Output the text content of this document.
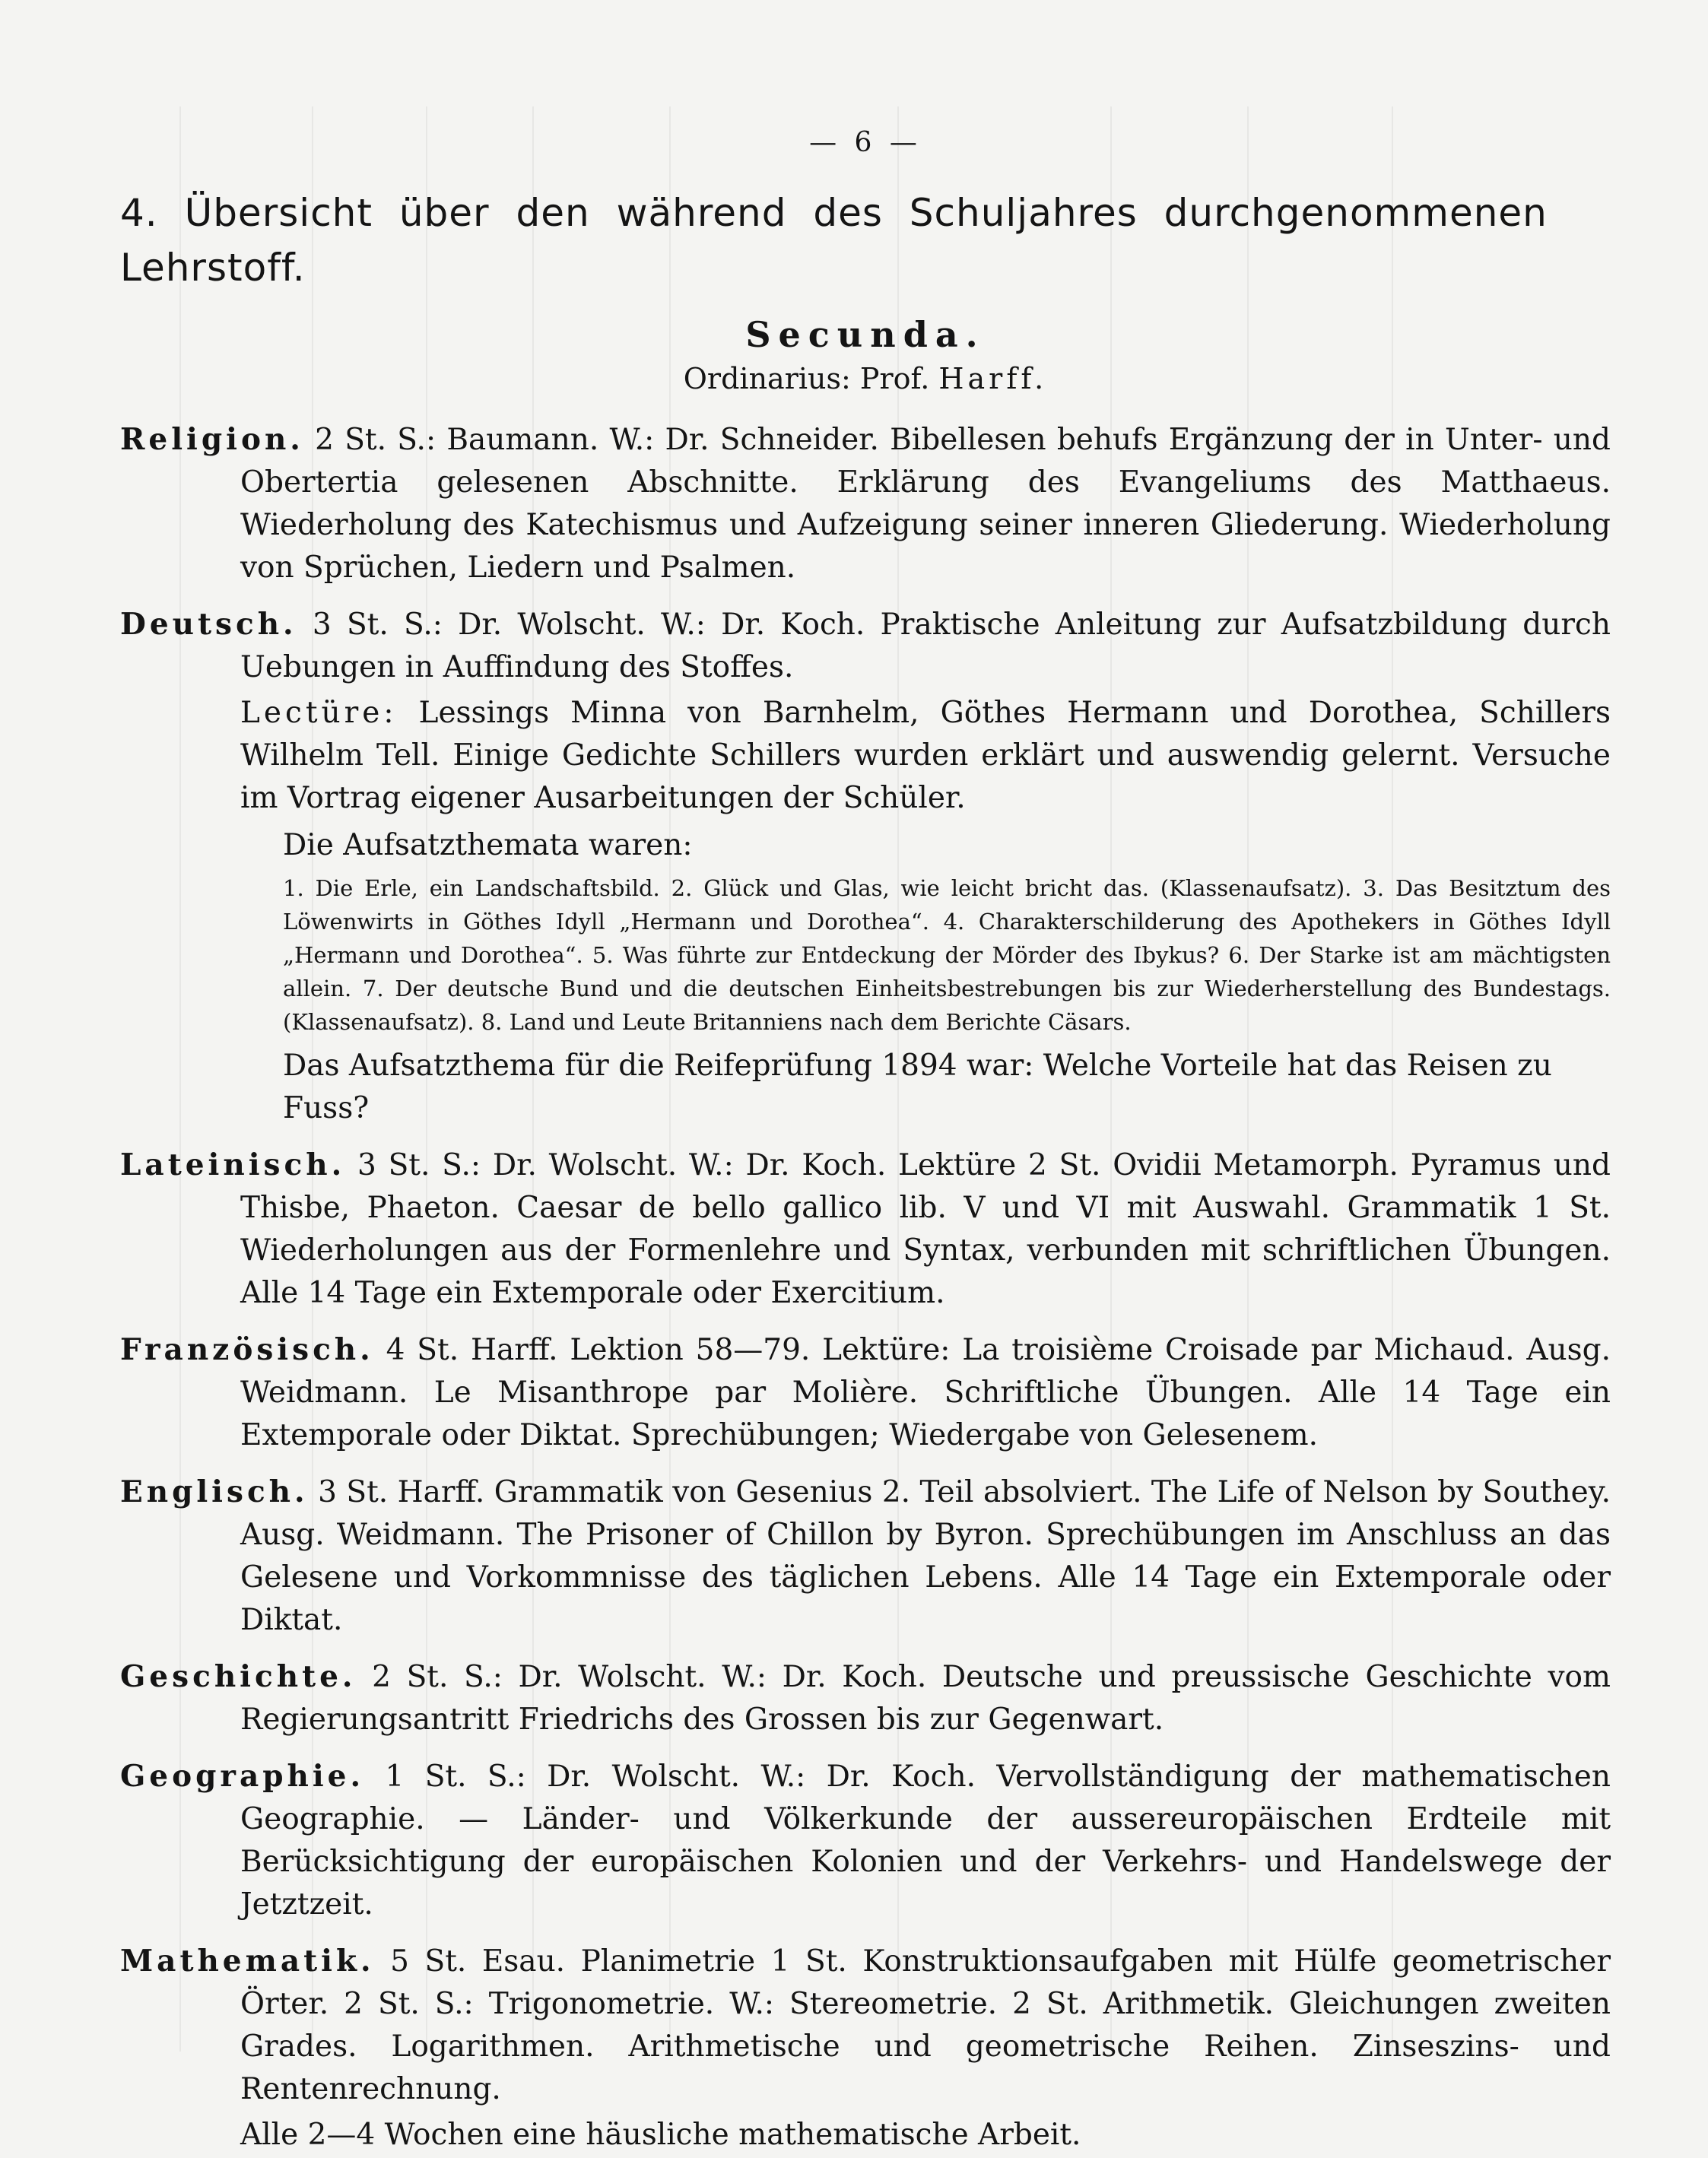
— 6 —
4. Übersicht über den während des Schuljahres durchgenommenen Lehrstoff.
Secunda.
Ordinarius: Prof. Harff.
Religion. 2 St. S.: Baumann. W.: Dr. Schneider. Bibellesen behufs Ergänzung der in Unter- und Obertertia gelesenen Abschnitte. Erklärung des Evangeliums des Matthaeus. Wiederholung des Katechismus und Aufzeigung seiner inneren Gliederung. Wiederholung von Sprüchen, Liedern und Psalmen.
Deutsch. 3 St. S.: Dr. Wolscht. W.: Dr. Koch. Praktische Anleitung zur Aufsatzbildung durch Uebungen in Auffindung des Stoffes.
Lectüre: Lessings Minna von Barnhelm, Göthes Hermann und Dorothea, Schillers Wilhelm Tell. Einige Gedichte Schillers wurden erklärt und auswendig gelernt. Versuche im Vortrag eigener Ausarbeitungen der Schüler.
Die Aufsatzthemata waren:
1. Die Erle, ein Landschaftsbild. 2. Glück und Glas, wie leicht bricht das. (Klassenaufsatz). 3. Das Besitztum des Löwenwirts in Göthes Idyll „Hermann und Dorothea“. 4. Charakterschilderung des Apothekers in Göthes Idyll „Hermann und Dorothea“. 5. Was führte zur Entdeckung der Mörder des Ibykus? 6. Der Starke ist am mächtigsten allein. 7. Der deutsche Bund und die deutschen Einheitsbestrebungen bis zur Wiederherstellung des Bundestags. (Klassenaufsatz). 8. Land und Leute Britanniens nach dem Berichte Cäsars.
Das Aufsatzthema für die Reifeprüfung 1894 war: Welche Vorteile hat das Reisen zu Fuss?
Lateinisch. 3 St. S.: Dr. Wolscht. W.: Dr. Koch. Lektüre 2 St. Ovidii Metamorph. Pyramus und Thisbe, Phaeton. Caesar de bello gallico lib. V und VI mit Auswahl. Grammatik 1 St. Wiederholungen aus der Formenlehre und Syntax, verbunden mit schriftlichen Übungen. Alle 14 Tage ein Extemporale oder Exercitium.
Französisch. 4 St. Harff. Lektion 58—79. Lektüre: La troisième Croisade par Michaud. Ausg. Weidmann. Le Misanthrope par Molière. Schriftliche Übungen. Alle 14 Tage ein Extemporale oder Diktat. Sprechübungen; Wiedergabe von Gelesenem.
Englisch. 3 St. Harff. Grammatik von Gesenius 2. Teil absolviert. The Life of Nelson by Southey. Ausg. Weidmann. The Prisoner of Chillon by Byron. Sprechübungen im Anschluss an das Gelesene und Vorkommnisse des täglichen Lebens. Alle 14 Tage ein Extemporale oder Diktat.
Geschichte. 2 St. S.: Dr. Wolscht. W.: Dr. Koch. Deutsche und preussische Geschichte vom Regierungsantritt Friedrichs des Grossen bis zur Gegenwart.
Geographie. 1 St. S.: Dr. Wolscht. W.: Dr. Koch. Vervollständigung der mathematischen Geographie. — Länder- und Völkerkunde der aussereuropäischen Erdteile mit Berücksichtigung der europäischen Kolonien und der Verkehrs- und Handelswege der Jetztzeit.
Mathematik. 5 St. Esau. Planimetrie 1 St. Konstruktionsaufgaben mit Hülfe geometrischer Örter. 2 St. S.: Trigonometrie. W.: Stereometrie. 2 St. Arithmetik. Gleichungen zweiten Grades. Logarithmen. Arithmetische und geometrische Reihen. Zinseszins- und Rentenrechnung.
Alle 2—4 Wochen eine häusliche mathematische Arbeit.
